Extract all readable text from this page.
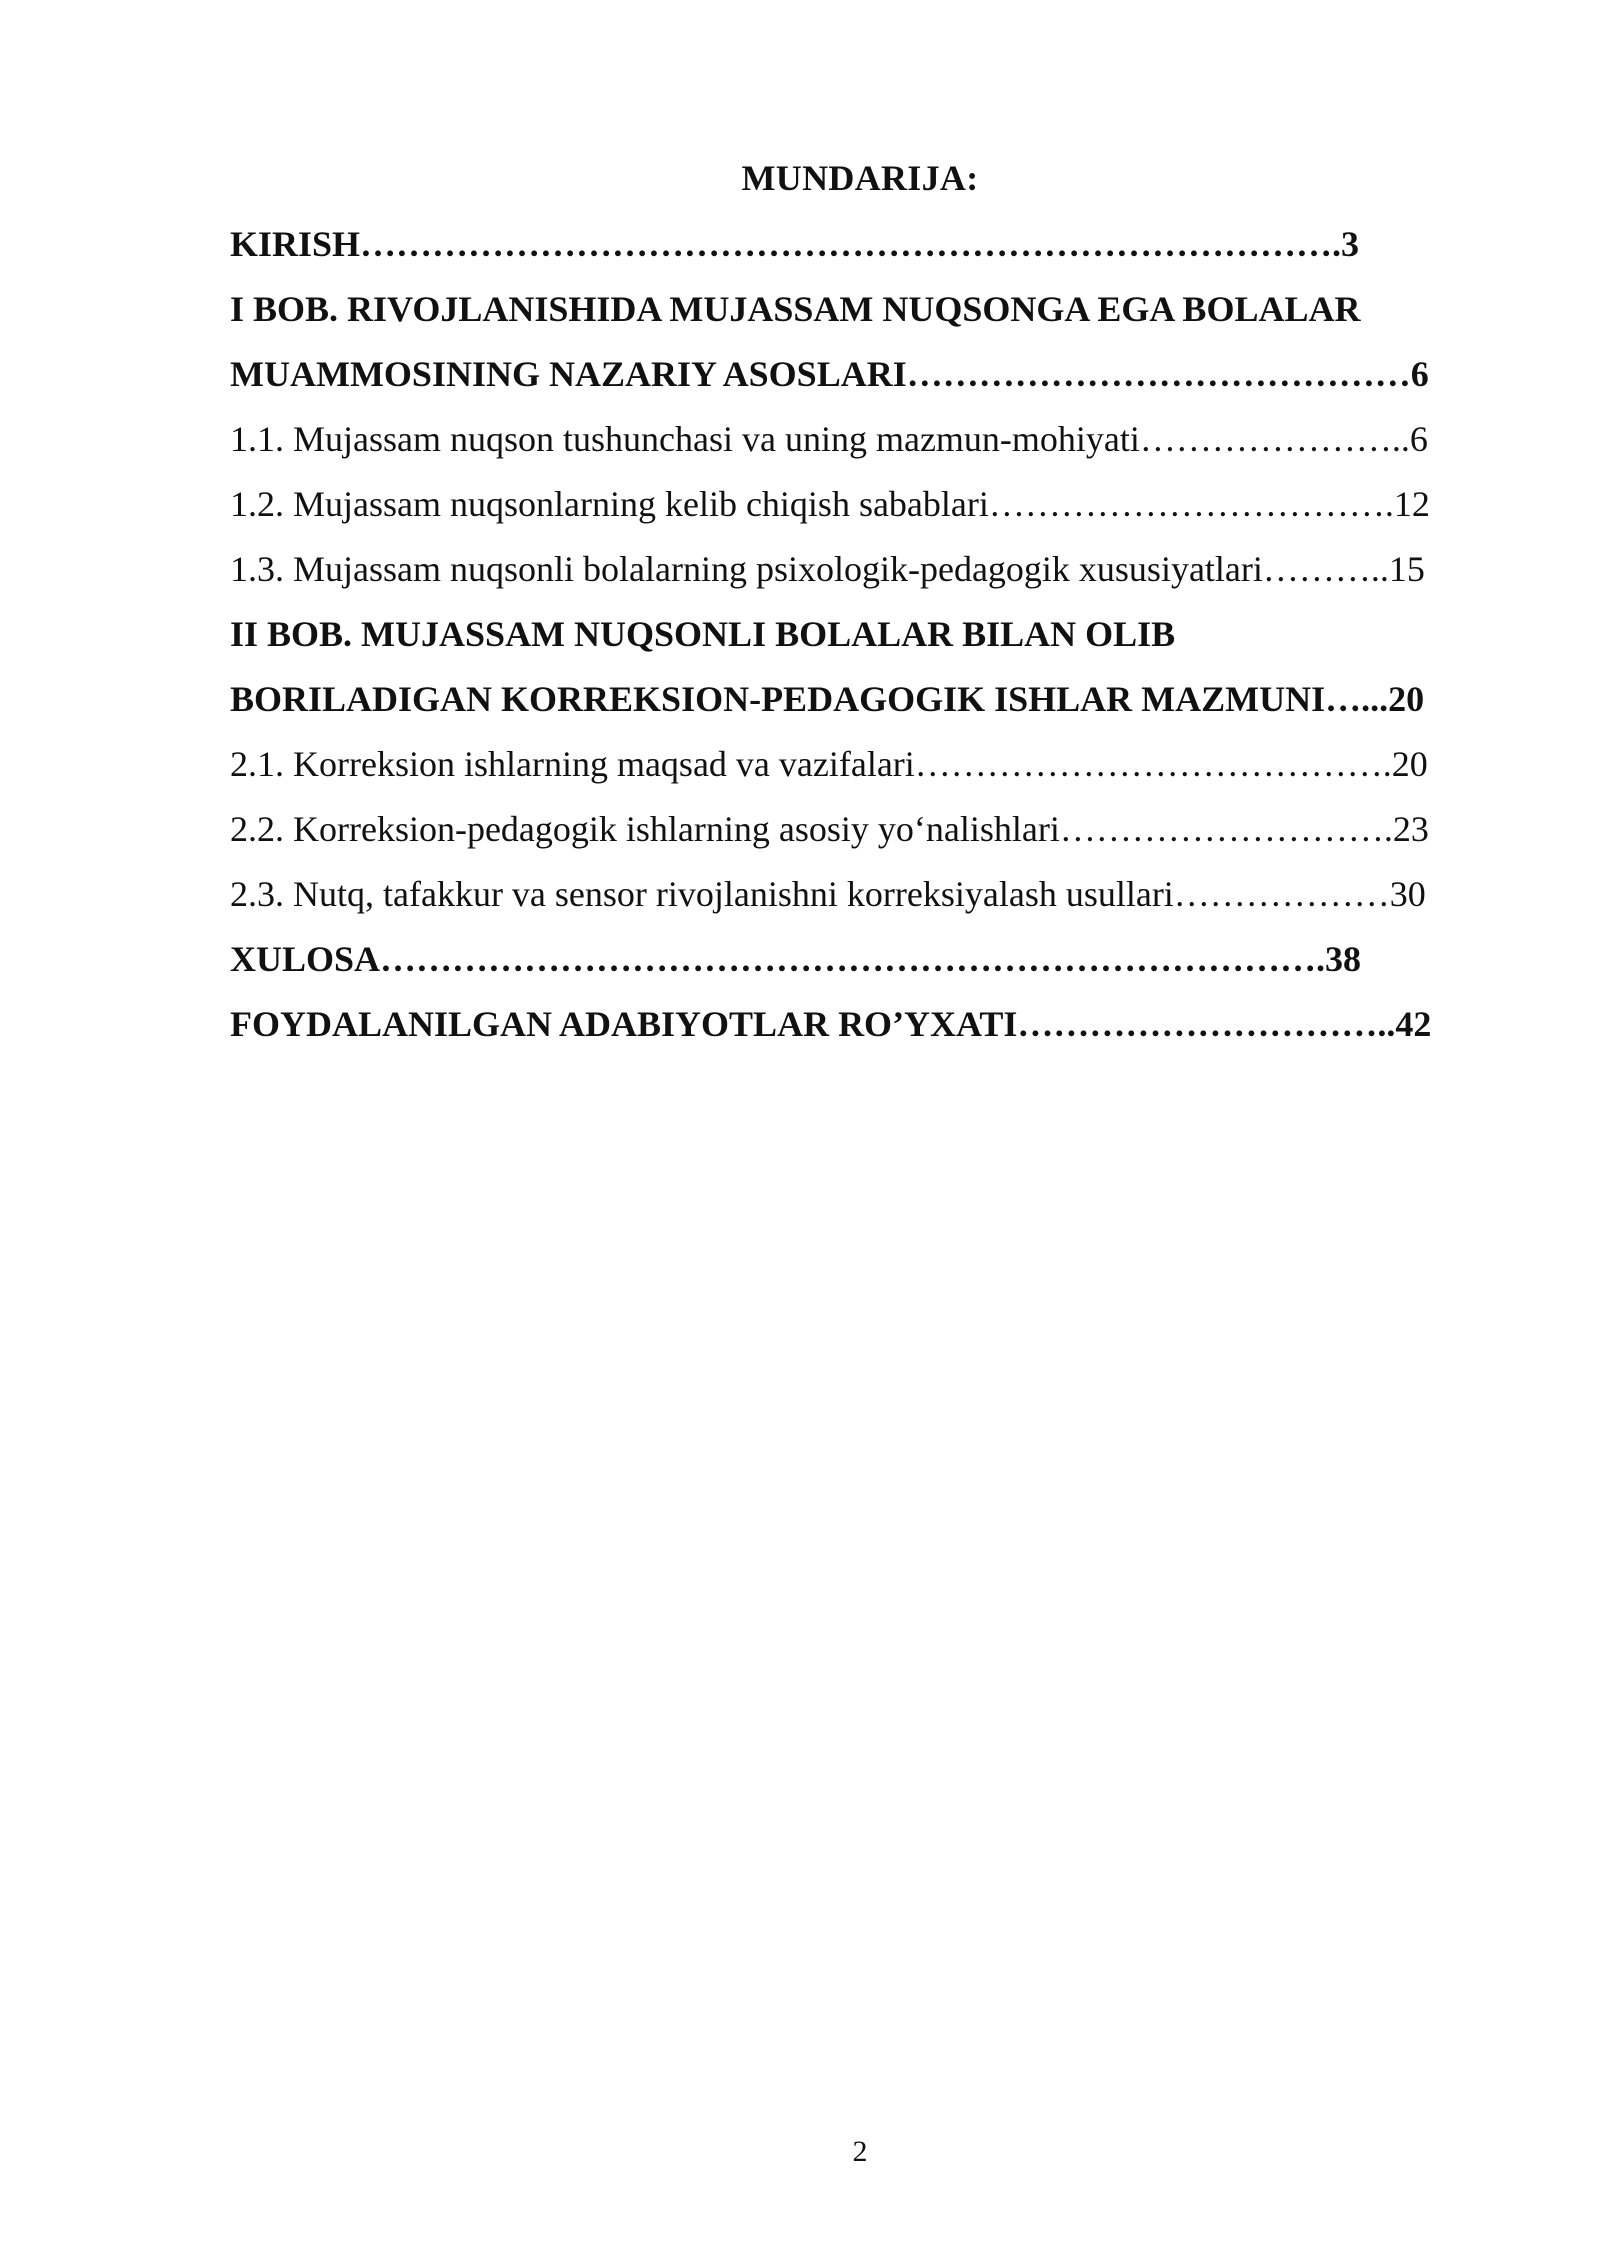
MUNDARIJA:
KIRISH……………………………………………………………………….3
I BOB. RIVOJLANISHIDA MUJASSAM NUQSONGA EGA BOLALAR
MUAMMOSINING NAZARIY ASOSLARI……………………………………6
1.1. Mujassam nuqson tushunchasi va uning mazmun-mohiyati…………………..6
1.2. Mujassam nuqsonlarning kelib chiqish sabablari…………………………….12
1.3. Mujassam nuqsonli bolalarning psixologik-pedagogik xususiyatlari………..15
II BOB. MUJASSAM NUQSONLI BOLALAR BILAN OLIB
BORILADIGAN KORREKSION-PEDAGOGIK ISHLAR MAZMUNI…...20
2.1. Korreksion ishlarning maqsad va vazifalari………………………………….20
2.2. Korreksion-pedagogik ishlarning asosiy yo‘nalishlari……………………….23
2.3. Nutq, tafakkur va sensor rivojlanishni korreksiyalash usullari………………30
XULOSA…………………………………………………………………….38
FOYDALANILGAN ADABIYOTLAR RO’YXATI…………………………..42
2
